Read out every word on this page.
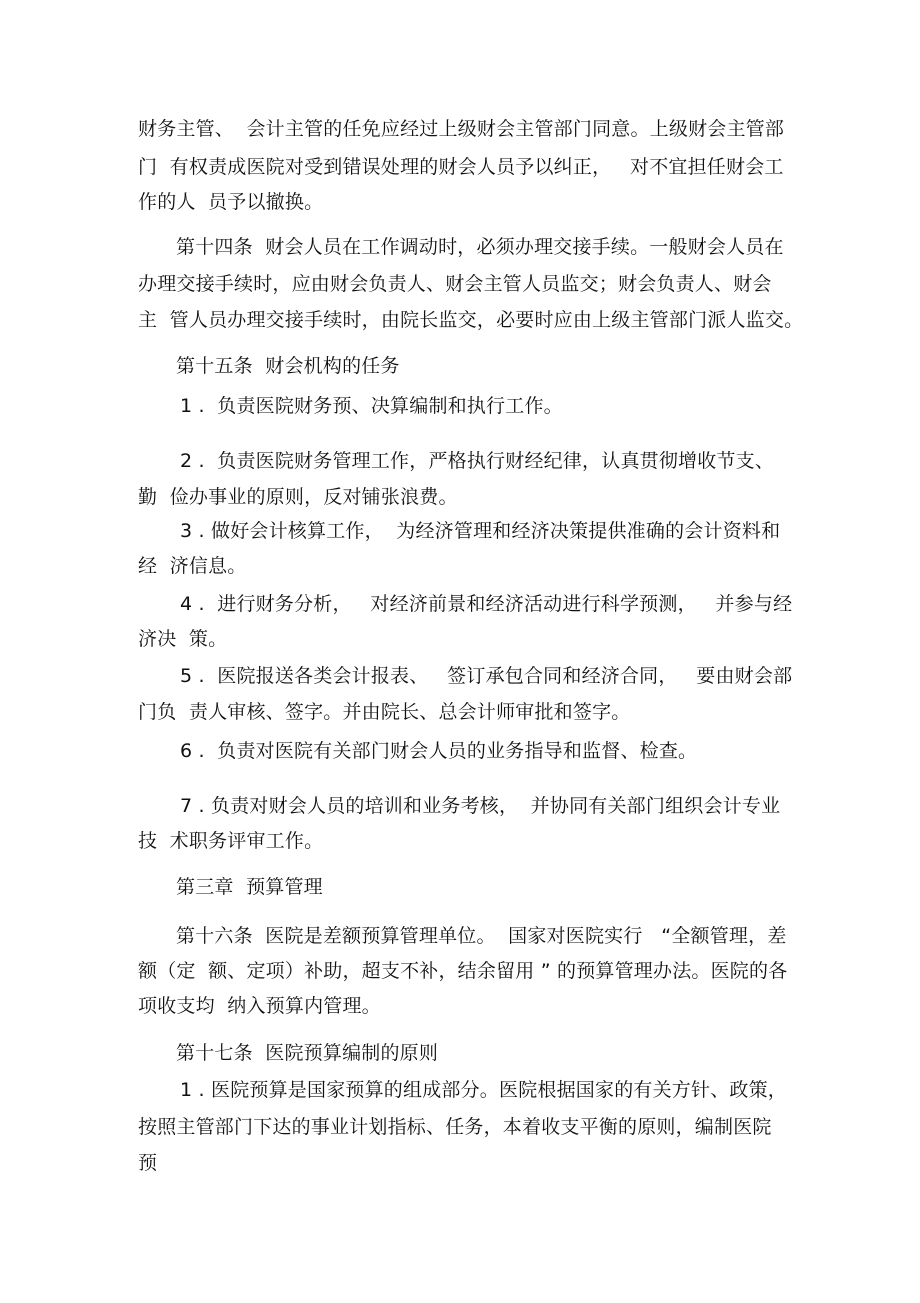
财务主管、  会计主管的任免应经过上级财会主管部门同意。上级财会主管部
门  有权责成医院对受到错误处理的财会人员予以纠正，   对不宜担任财会工
作的人  员予以撤换。
第十四条  财会人员在工作调动时，必须办理交接手续。一般财会人员在
办理交接手续时，应由财会负责人、财会主管人员监交；财会负责人、财会
主  管人员办理交接手续时，由院长监交，必要时应由上级主管部门派人监交。
第十五条  财会机构的任务
1 .  负责医院财务预、决算编制和执行工作。
2 .  负责医院财务管理工作，严格执行财经纪律，认真贯彻增收节支、
勤  俭办事业的原则，反对铺张浪费。
3 . 做好会计核算工作，  为经济管理和经济决策提供准确的会计资料和
经  济信息。
4 .  进行财务分析，   对经济前景和经济活动进行科学预测，   并参与经
济决  策。
5 .  医院报送各类会计报表、   签订承包合同和经济合同，   要由财会部
门负  责人审核、签字。并由院长、总会计师审批和签字。
6 .  负责对医院有关部门财会人员的业务指导和监督、检查。
7 . 负责对财会人员的培训和业务考核，  并协同有关部门组织会计专业
技  术职务评审工作。
第三章  预算管理
第十六条  医院是差额预算管理单位。  国家对医院实行   “全额管理，差
额（定  额、定项）补助，超支不补，结余留用 ” 的预算管理办法。医院的各
项收支均  纳入预算内管理。
第十七条  医院预算编制的原则
1 . 医院预算是国家预算的组成部分。医院根据国家的有关方针、政策，
按照主管部门下达的事业计划指标、任务，本着收支平衡的原则，编制医院
预
